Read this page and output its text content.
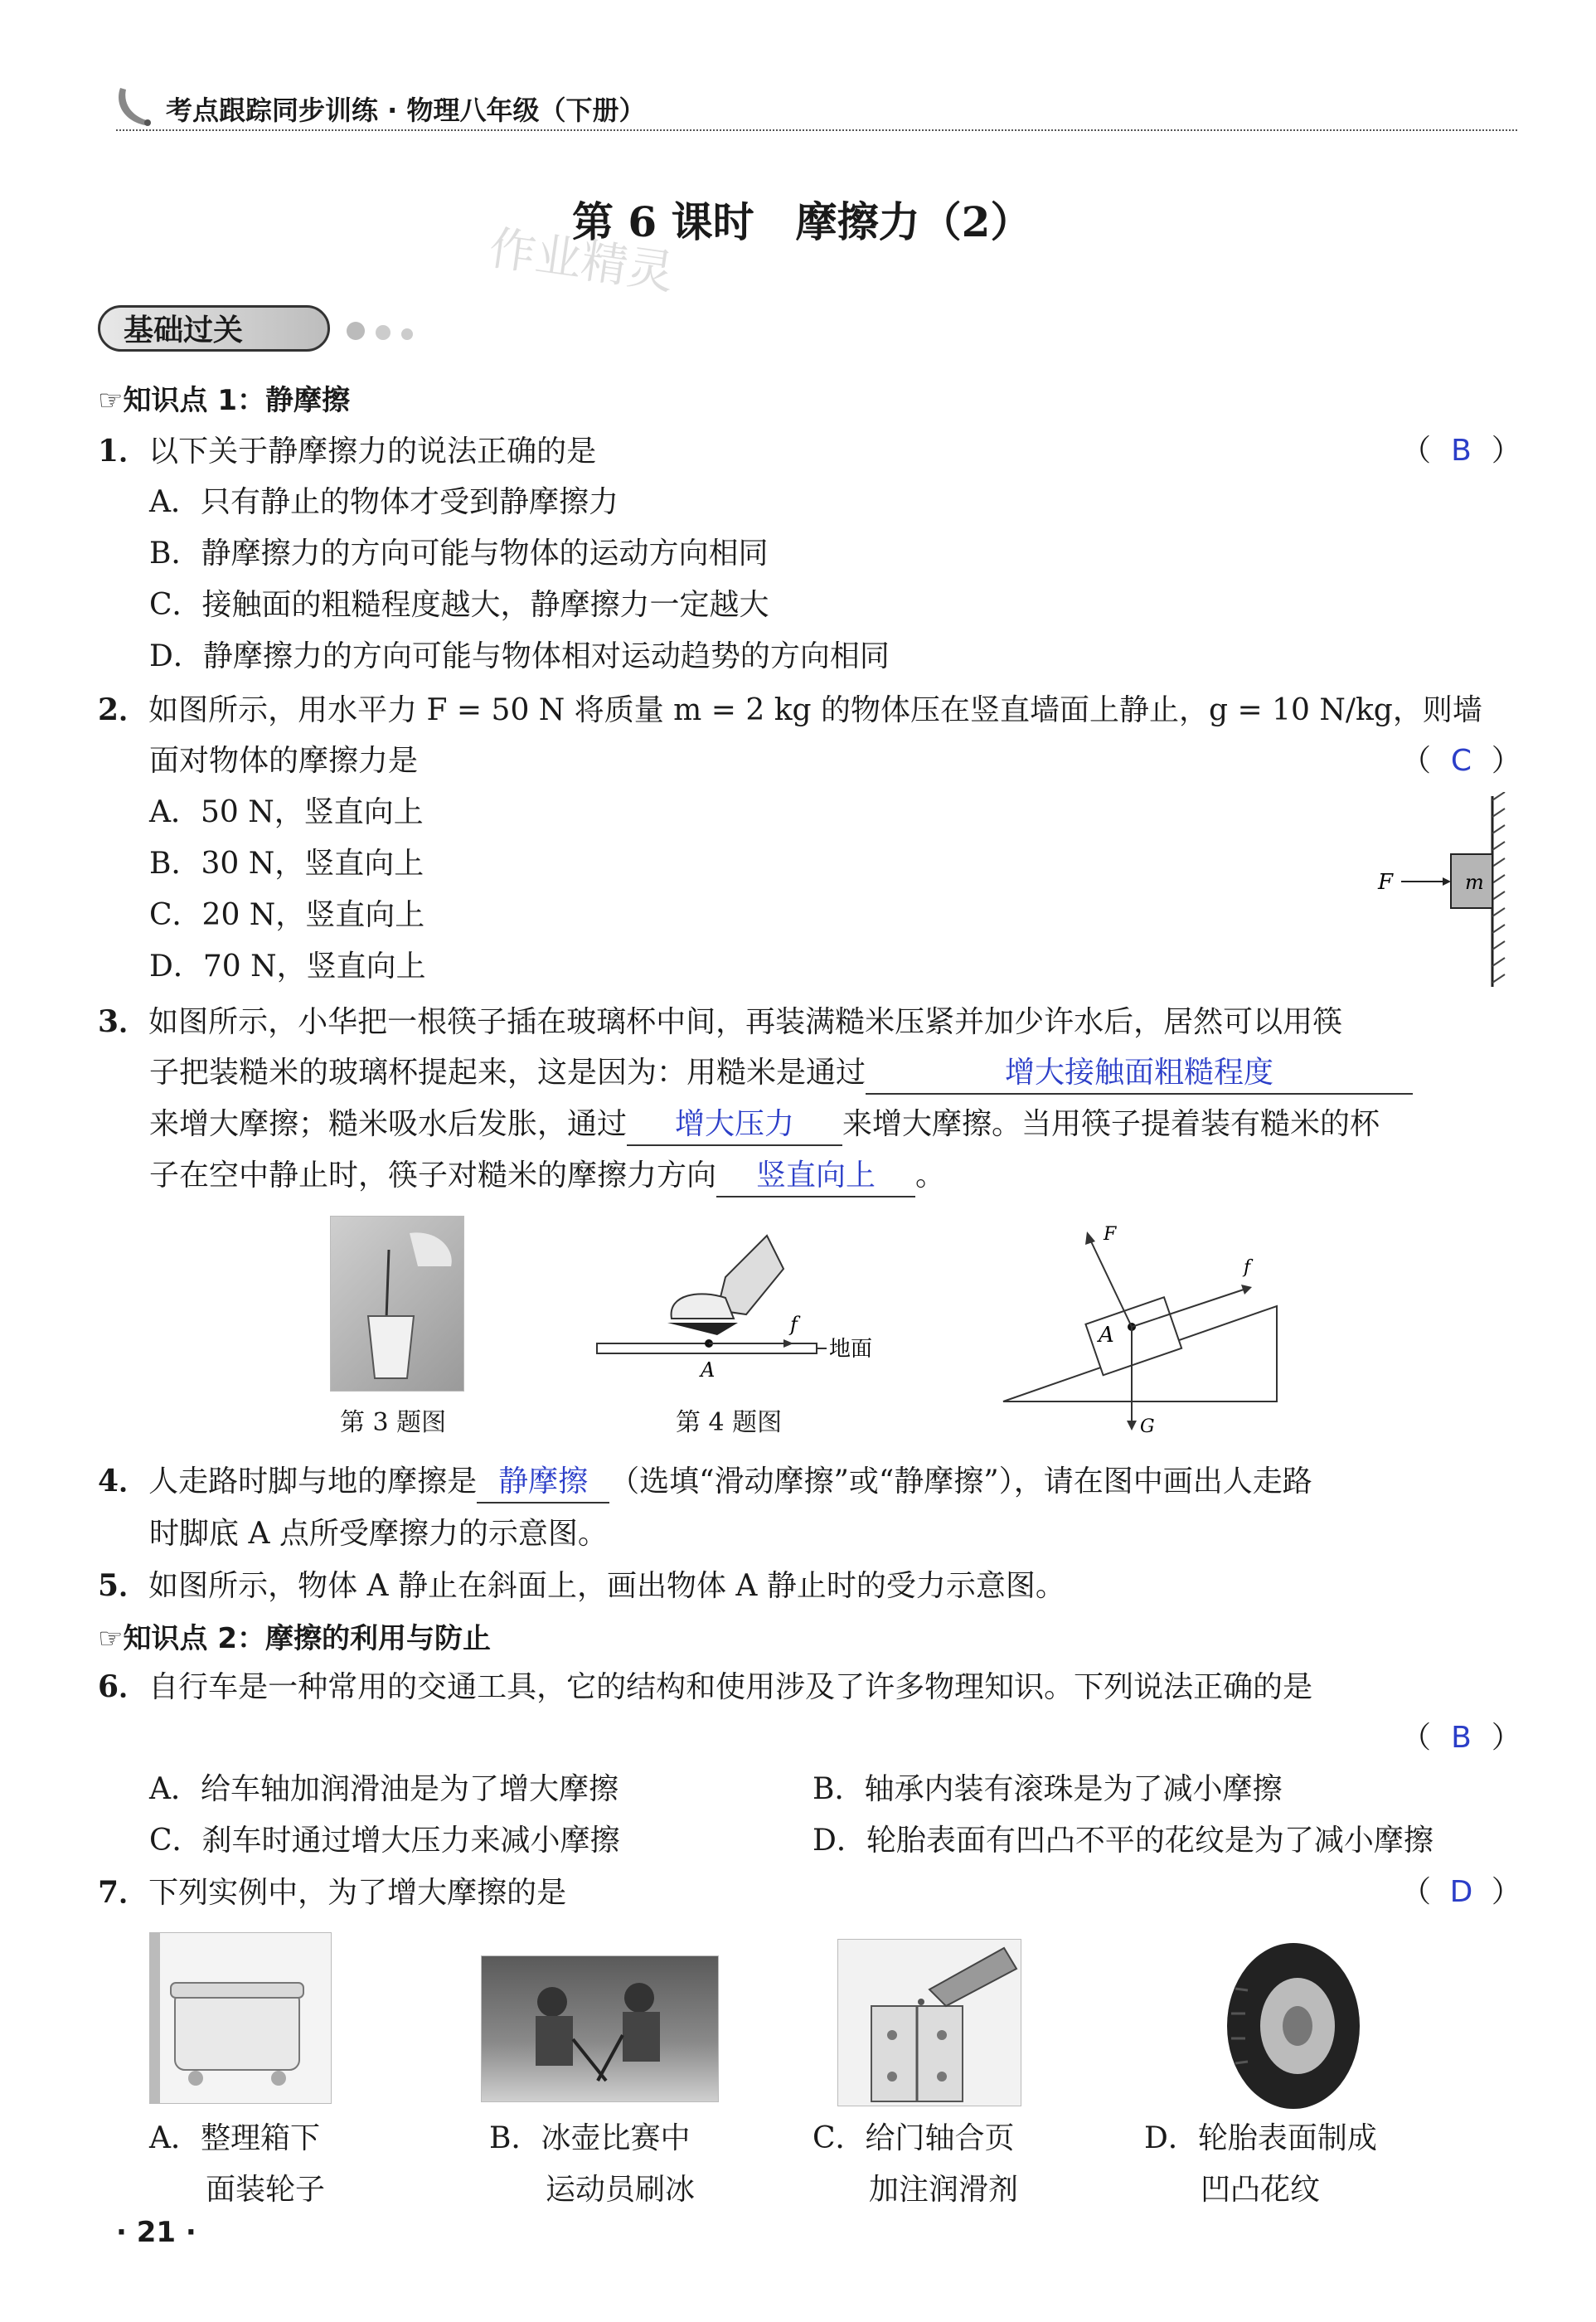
考点跟踪同步训练 · 物理八年级（下册）
第 6 课时　摩擦力（2）
作业精灵
基础过关

☞知识点 1：静摩擦
1．以下关于静摩擦力的说法正确的是	（ B ）
A．只有静止的物体才受到静摩擦力
B．静摩擦力的方向可能与物体的运动方向相同
C．接触面的粗糙程度越大，静摩擦力一定越大
D．静摩擦力的方向可能与物体相对运动趋势的方向相同
2．如图所示，用水平力 F = 50 N 将质量 m = 2 kg 的物体压在竖直墙面上静止，g = 10 N/kg，则墙
面对物体的摩擦力是	（ C ）
A．50 N，竖直向上
B．30 N，竖直向上
C．20 N，竖直向上
D．70 N，竖直向上
m
F
3．如图所示，小华把一根筷子插在玻璃杯中间，再装满糙米压紧并加少许水后，居然可以用筷
子把装糙米的玻璃杯提起来，这是因为：用糙米是通过	增大接触面粗糙程度
来增大摩擦；糙米吸水后发胀，通过 增大压力 来增大摩擦。当用筷子提着装有糙米的杯
子在空中静止时，筷子对糙米的摩擦力方向 竖直向上 。
第 3 题图
f
A
地面
第 4 题图
A
F
f
G
4．人走路时脚与地的摩擦是 静摩擦 （选填“滑动摩擦”或“静摩擦”），请在图中画出人走路
时脚底 A 点所受摩擦力的示意图。
5．如图所示，物体 A 静止在斜面上，画出物体 A 静止时的受力示意图。
☞知识点 2：摩擦的利用与防止
6．自行车是一种常用的交通工具，它的结构和使用涉及了许多物理知识。下列说法正确的是
（ B ）
A．给车轴加润滑油是为了增大摩擦	B．轴承内装有滚珠是为了减小摩擦
C．刹车时通过增大压力来减小摩擦	D．轮胎表面有凹凸不平的花纹是为了减小摩擦
7．下列实例中，为了增大摩擦的是	（ D ）
A．整理箱下
面装轮子
B．冰壶比赛中
运动员刷冰
C．给门轴合页
加注润滑剂
D．轮胎表面制成
凹凸花纹
· 21 ·
